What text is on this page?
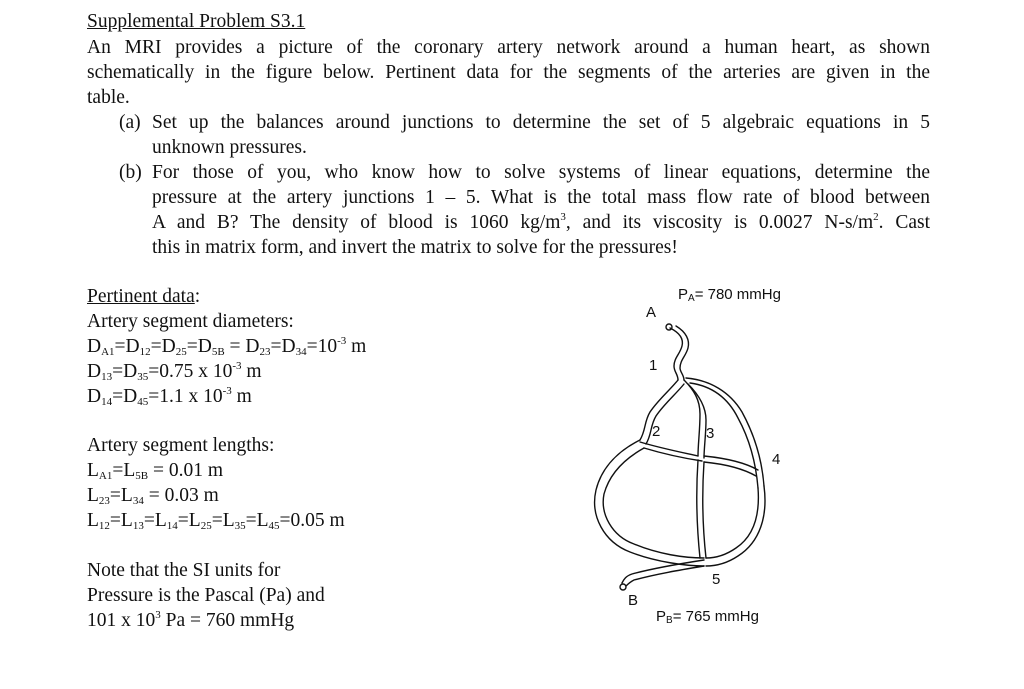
Supplemental Problem S3.1
An MRI provides a picture of the coronary artery network around a human heart, as shown
schematically in the figure below. Pertinent data for the segments of the arteries are given in the
table.
(a) Set up the balances around junctions to determine the set of 5 algebraic equations in 5
unknown pressures.
(b) For those of you, who know how to solve systems of linear equations, determine the
pressure at the artery junctions 1 – 5. What is the total mass flow rate of blood between
A and B? The density of blood is 1060 $kg/m^3$, and its viscosity is 0.0027 $N-s/m^2$. Cast
this in matrix form, and invert the matrix to solve for the pressures!
Pertinent data:
Artery segment diameters:
$D_{A1}=D_{12}=D_{25}=D_{5B} = D_{23}=D_{34}=10^{-3}$ m
$D_{13}=D_{35}=0.75$ x $10^{-3}$ m
$D_{14}=D_{45}=1.1$ x $10^{-3}$ m
Artery segment lengths:
$L_{A1}=L_{5B} = 0.01$ m
$L_{23}=L_{34} = 0.03$ m
$L_{12}=L_{13}=L_{14}=L_{25}=L_{35}=L_{45}=0.05$ m
Note that the SI units for
Pressure is the Pascal (Pa) and
101 x $10^3$ Pa = 760 mmHg
$P_A= 780$ mmHg
A
1
2	3
4
5
B
$P_B= 765$ mmHg
